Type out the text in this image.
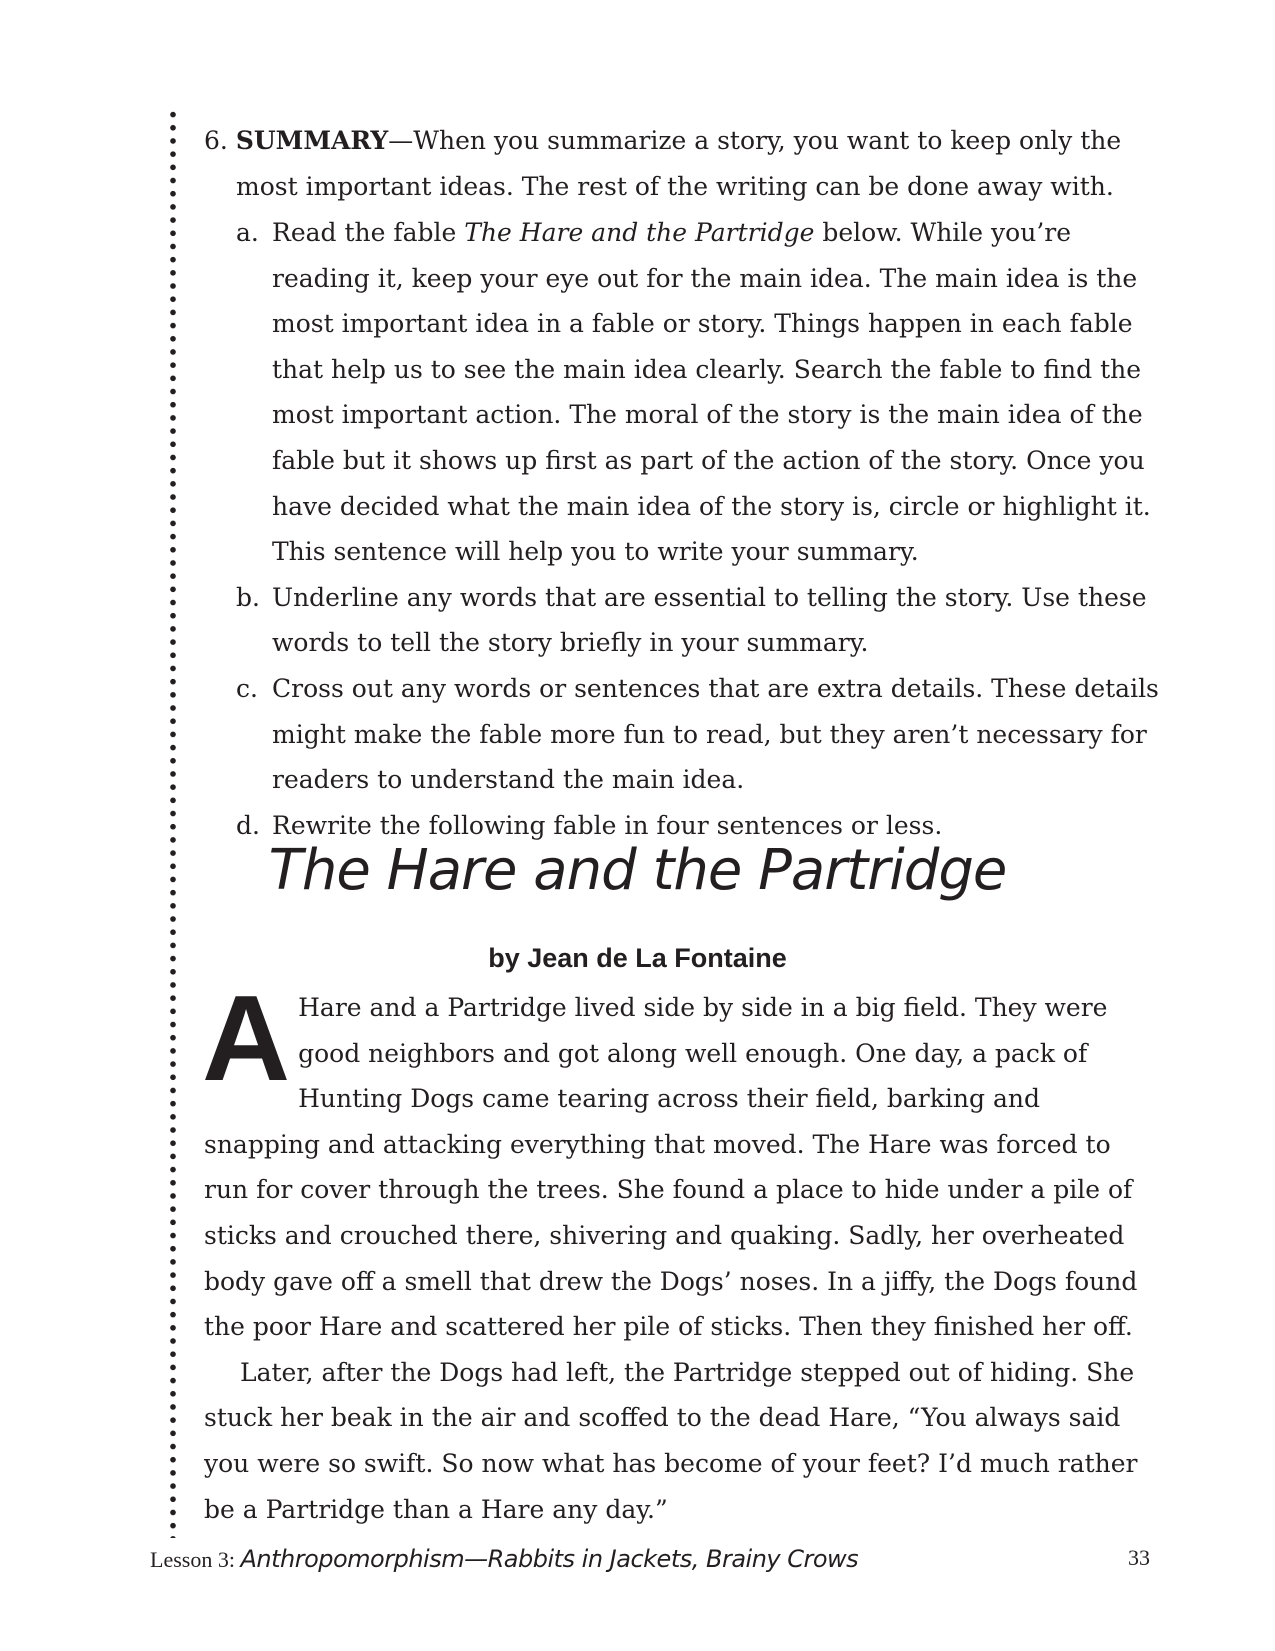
6. SUMMARY—When you summarize a story, you want to keep only the most important ideas. The rest of the writing can be done away with.

a. Read the fable The Hare and the Partridge below. While you’re reading it, keep your eye out for the main idea. The main idea is the most important idea in a fable or story. Things happen in each fable that help us to see the main idea clearly. Search the fable to find the most important action. The moral of the story is the main idea of the fable but it shows up first as part of the action of the story. Once you have decided what the main idea of the story is, circle or highlight it. This sentence will help you to write your summary.
b. Underline any words that are essential to telling the story. Use these words to tell the story briefly in your summary.
c. Cross out any words or sentences that are extra details. These details might make the fable more fun to read, but they aren’t necessary for readers to understand the main idea.
d. Rewrite the following fable in four sentences or less.
The Hare and the Partridge
by Jean de La Fontaine

A Hare and a Partridge lived side by side in a big field. They were good neighbors and got along well enough. One day, a pack of Hunting Dogs came tearing across their field, barking and snapping and attacking everything that moved. The Hare was forced to run for cover through the trees. She found a place to hide under a pile of sticks and crouched there, shivering and quaking. Sadly, her overheated body gave off a smell that drew the Dogs’ noses. In a jiffy, the Dogs found the poor Hare and scattered her pile of sticks. Then they finished her off.

Later, after the Dogs had left, the Partridge stepped out of hiding. She stuck her beak in the air and scoffed to the dead Hare, “You always said you were so swift. So now what has become of your feet? I’d much rather be a Partridge than a Hare any day.”

Lesson 3: Anthropomorphism—Rabbits in Jackets, Brainy Crows	33
